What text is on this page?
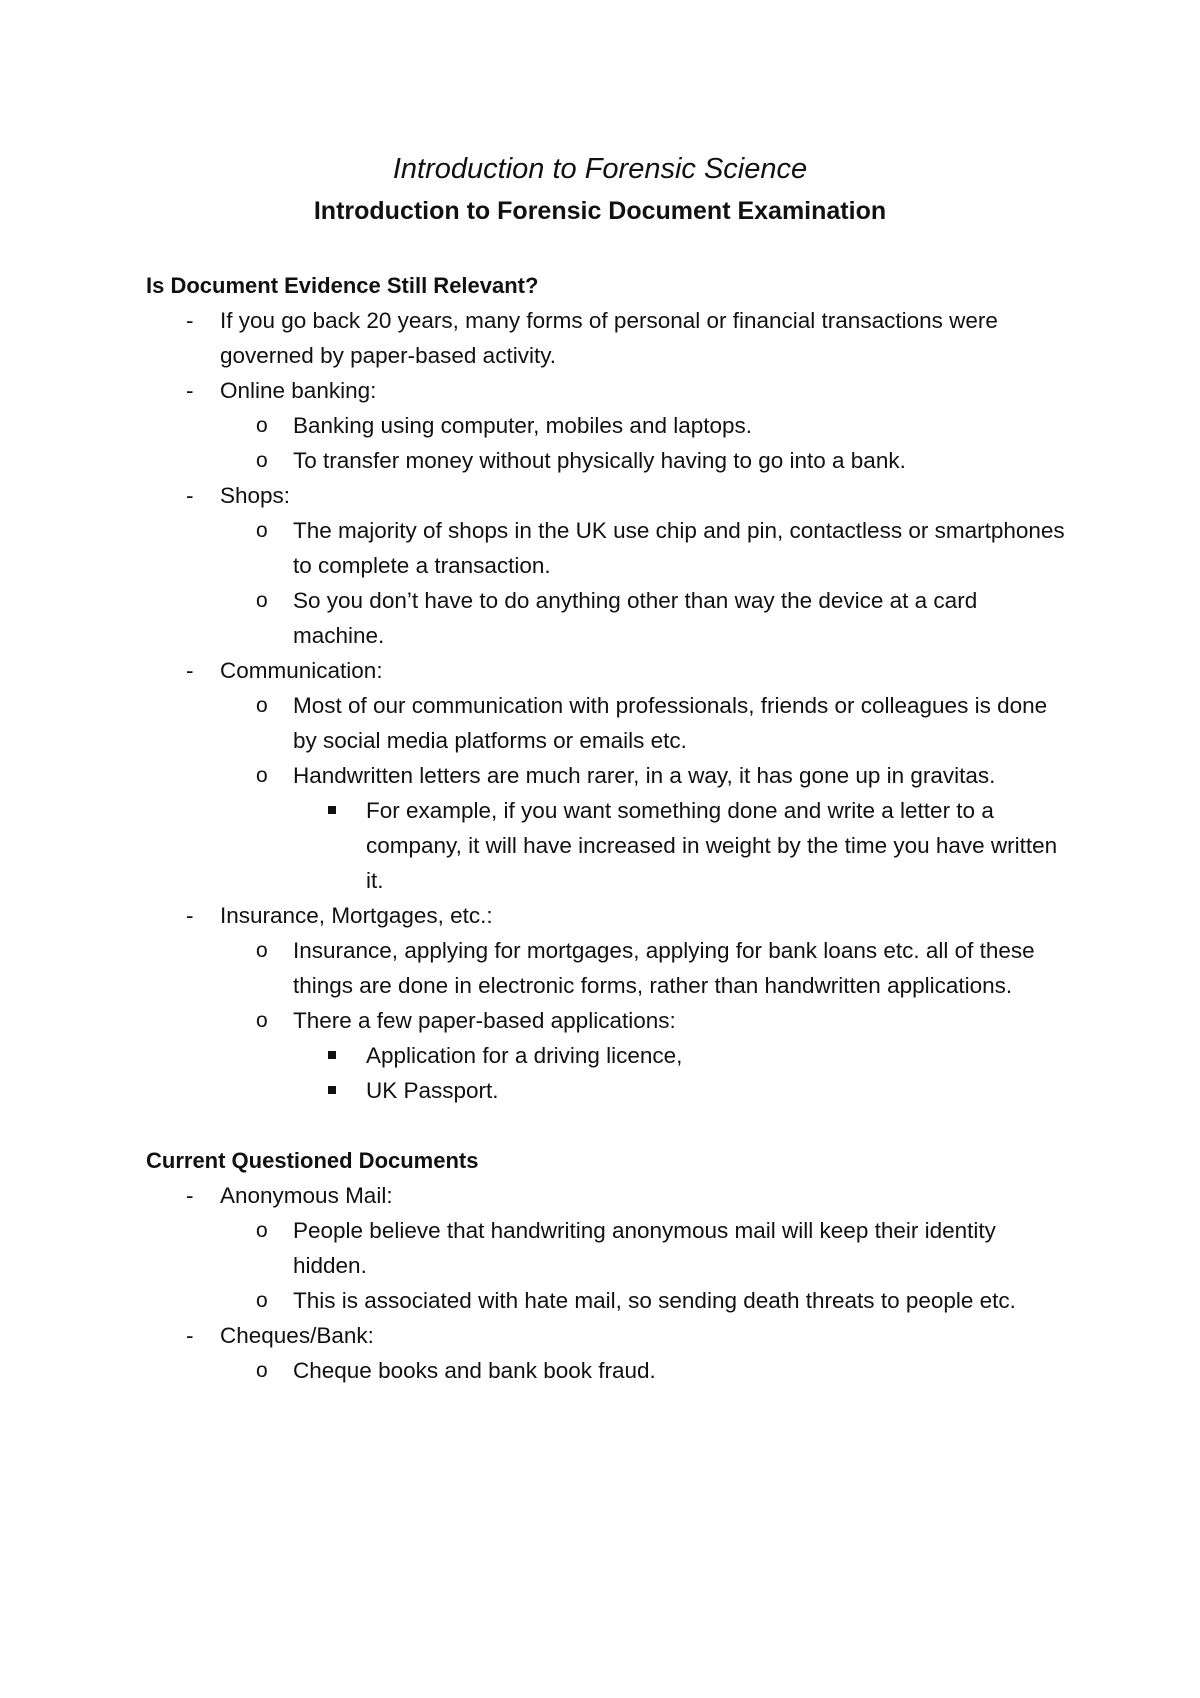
Introduction to Forensic Science
Introduction to Forensic Document Examination

Is Document Evidence Still Relevant?

- If you go back 20 years, many forms of personal or financial transactions were governed by paper-based activity.

- Online banking:

o Banking using computer, mobiles and laptops.

o To transfer money without physically having to go into a bank.

- Shops:

o The majority of shops in the UK use chip and pin, contactless or smartphones to complete a transaction.

o So you don’t have to do anything other than way the device at a card machine.

- Communication:

o Most of our communication with professionals, friends or colleagues is done by social media platforms or emails etc.

o Handwritten letters are much rarer, in a way, it has gone up in gravitas.

For example, if you want something done and write a letter to a company, it will have increased in weight by the time you have written it.

- Insurance, Mortgages, etc.:

o Insurance, applying for mortgages, applying for bank loans etc. all of these things are done in electronic forms, rather than handwritten applications.

o There a few paper-based applications:

Application for a driving licence,

UK Passport.

Current Questioned Documents

- Anonymous Mail:

o People believe that handwriting anonymous mail will keep their identity hidden.

o This is associated with hate mail, so sending death threats to people etc.

- Cheques/Bank:

o Cheque books and bank book fraud.
